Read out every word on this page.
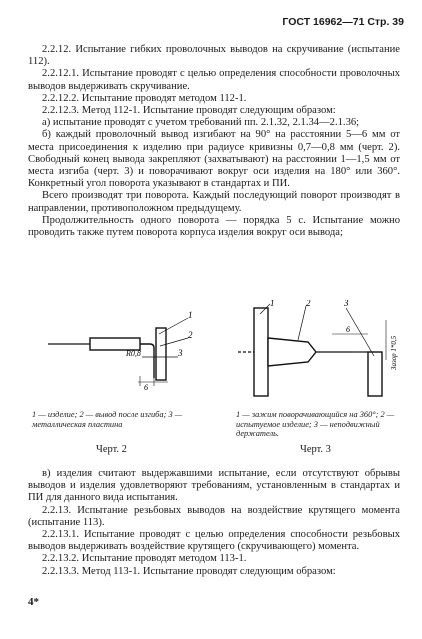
ГОСТ 16962—71 Стр. 39

2.2.12. Испытание гибких проволочных выводов на скручивание (испытание 112).

2.2.12.1. Испытание проводят с целью определения способности проволочных выводов выдерживать скручивание.

2.2.12.2. Испытание проводят методом 112-1.

2.2.12.3. Метод 112-1. Испытание проводят следующим образом:

а) испытание проводят с учетом требований пп. 2.1.32, 2.1.34—2.1.36;

б) каждый проволочный вывод изгибают на 90° на расстоянии 5—6 мм от места присоединения к изделию при радиусе кривизны 0,7—0,8 мм (черт. 2). Свободный конец вывода закрепляют (захватывают) на расстоянии 1—1,5 мм от места изгиба (черт. 3) и поворачивают вокруг оси изделия на 180° или 360°. Конкретный угол поворота указывают в стандартах и ПИ.

Всего производят три поворота. Каждый последующий поворот производят в направлении, противоположном предыдущему.

Продолжительность одного поворота — порядка 5 с. Испытание можно проводить также путем поворота корпуса изделия вокруг оси вывода;

1
2
3
R0,8
6
1	2	3
6
Зазор 1*0,5
1 — изделие; 2 — вывод после изгиба; 3 — металлическая пластина
1 — зажим поворачивающийся на 360°; 2 — испытуемое изделие; 3 — неподвижный держатель.
Черт. 2	Черт. 3

в) изделия считают выдержавшими испытание, если отсутствуют обрывы выводов и изделия удовлетворяют требованиям, установленным в стандартах и ПИ для данного вида испытания.

2.2.13. Испытание резьбовых выводов на воздействие крутящего момента (испытание 113).

2.2.13.1. Испытание проводят с целью определения способности резьбовых выводов выдерживать воздействие крутящего (скручивающего) момента.

2.2.13.2. Испытание проводят методом 113-1.

2.2.13.3. Метод 113-1. Испытание проводят следующим образом:

4*
